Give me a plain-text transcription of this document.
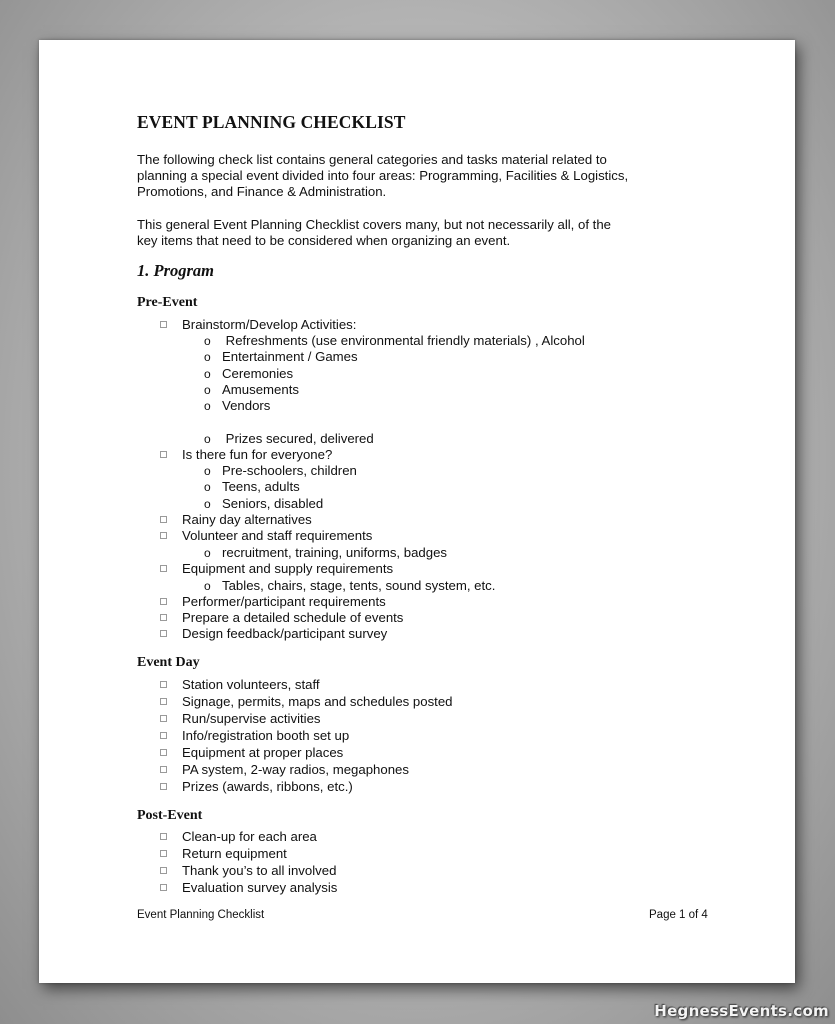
EVENT PLANNING CHECKLIST
The following check list contains general categories and tasks material related to
planning a special event divided into four areas: Programming, Facilities & Logistics,
Promotions, and Finance & Administration.
This general Event Planning Checklist covers many, but not necessarily all, of the
key items that need to be considered when organizing an event.
1. Program
Pre-Event
Brainstorm/Develop Activities:
o Refreshments (use environmental friendly materials) , Alcohol
o Entertainment / Games
o Ceremonies
o Amusements
o Vendors
o Prizes secured, delivered
Is there fun for everyone?
o Pre-schoolers, children
o Teens, adults
o Seniors, disabled
Rainy day alternatives
Volunteer and staff requirements
o recruitment, training, uniforms, badges
Equipment and supply requirements
o Tables, chairs, stage, tents, sound system, etc.
Performer/participant requirements
Prepare a detailed schedule of events
Design feedback/participant survey
Event Day
Station volunteers, staff
Signage, permits, maps and schedules posted
Run/supervise activities
Info/registration booth set up
Equipment at proper places
PA system, 2-way radios, megaphones
Prizes (awards, ribbons, etc.)
Post-Event
Clean-up for each area
Return equipment
Thank you’s to all involved
Evaluation survey analysis
Event Planning Checklist	Page 1 of 4
HegnessEvents.com
